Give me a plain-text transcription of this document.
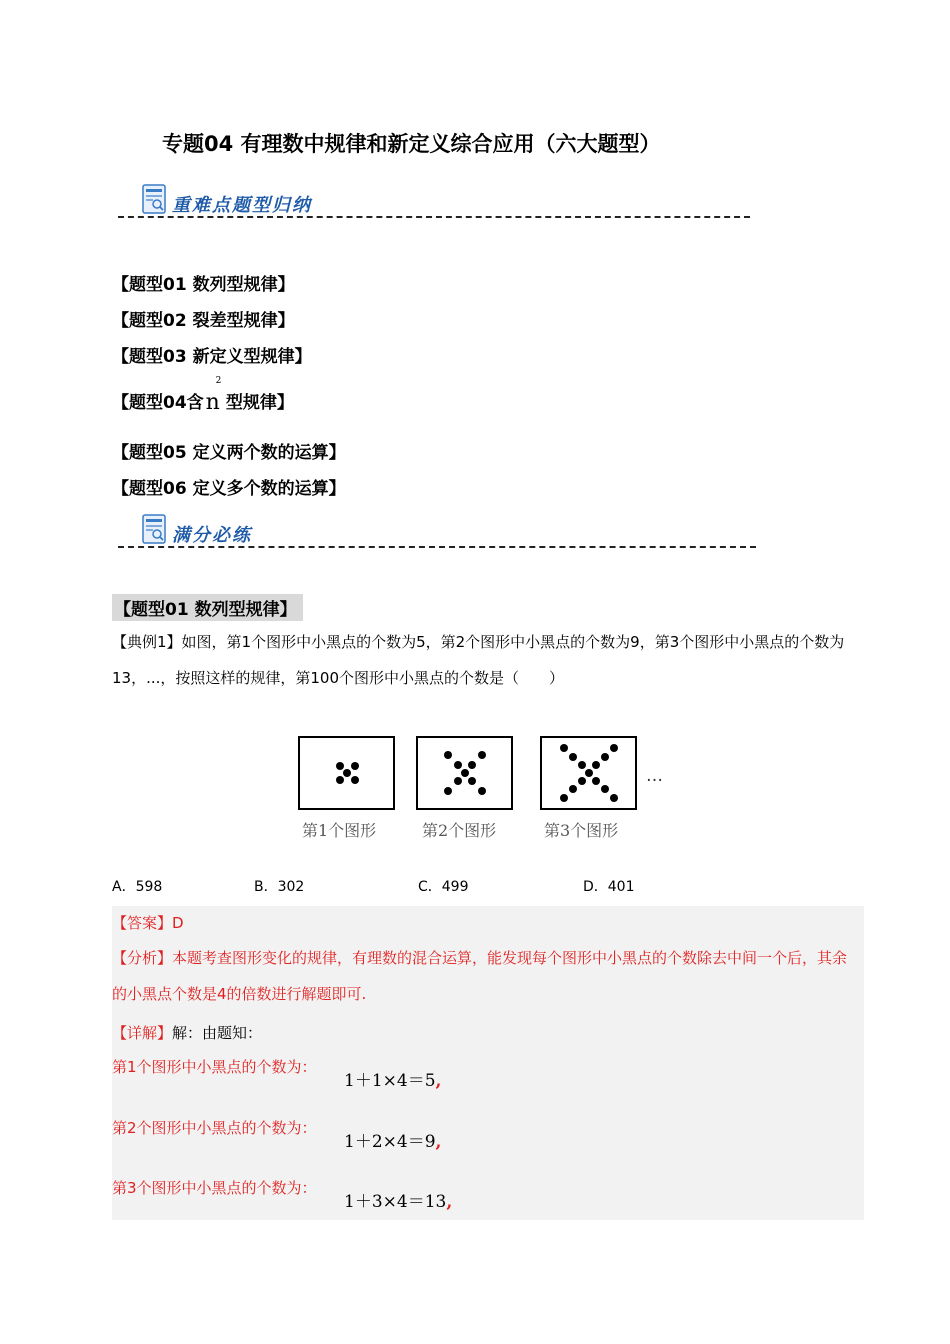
专题04 有理数中规律和新定义综合应用（六大题型）
重难点题型归纳
【题型01 数列型规律】
【题型02 裂差型规律】
【题型03 新定义型规律】
【题型04含n
2
型规律】
【题型05 定义两个数的运算】
【题型06 定义多个数的运算】
满分必练
【题型01 数列型规律】
【典例1】如图，第1个图形中小黑点的个数为5，第2个图形中小黑点的个数为9，第3个图形中小黑点的个数为13，...，按照这样的规律，第100个图形中小黑点的个数是（　　）
…
第1个图形	第2个图形	第3个图形
A．598	B．302	C．499	D．401
【答案】D
【分析】本题考查图形变化的规律，有理数的混合运算，能发现每个图形中小黑点的个数除去中间一个后，其余的小黑点个数是4的倍数进行解题即可.
【详解】解：由题知：
第1个图形中小黑点的个数为：
1＋1×4＝5,
第2个图形中小黑点的个数为：
1＋2×4＝9,
第3个图形中小黑点的个数为：
1＋3×4＝13,
